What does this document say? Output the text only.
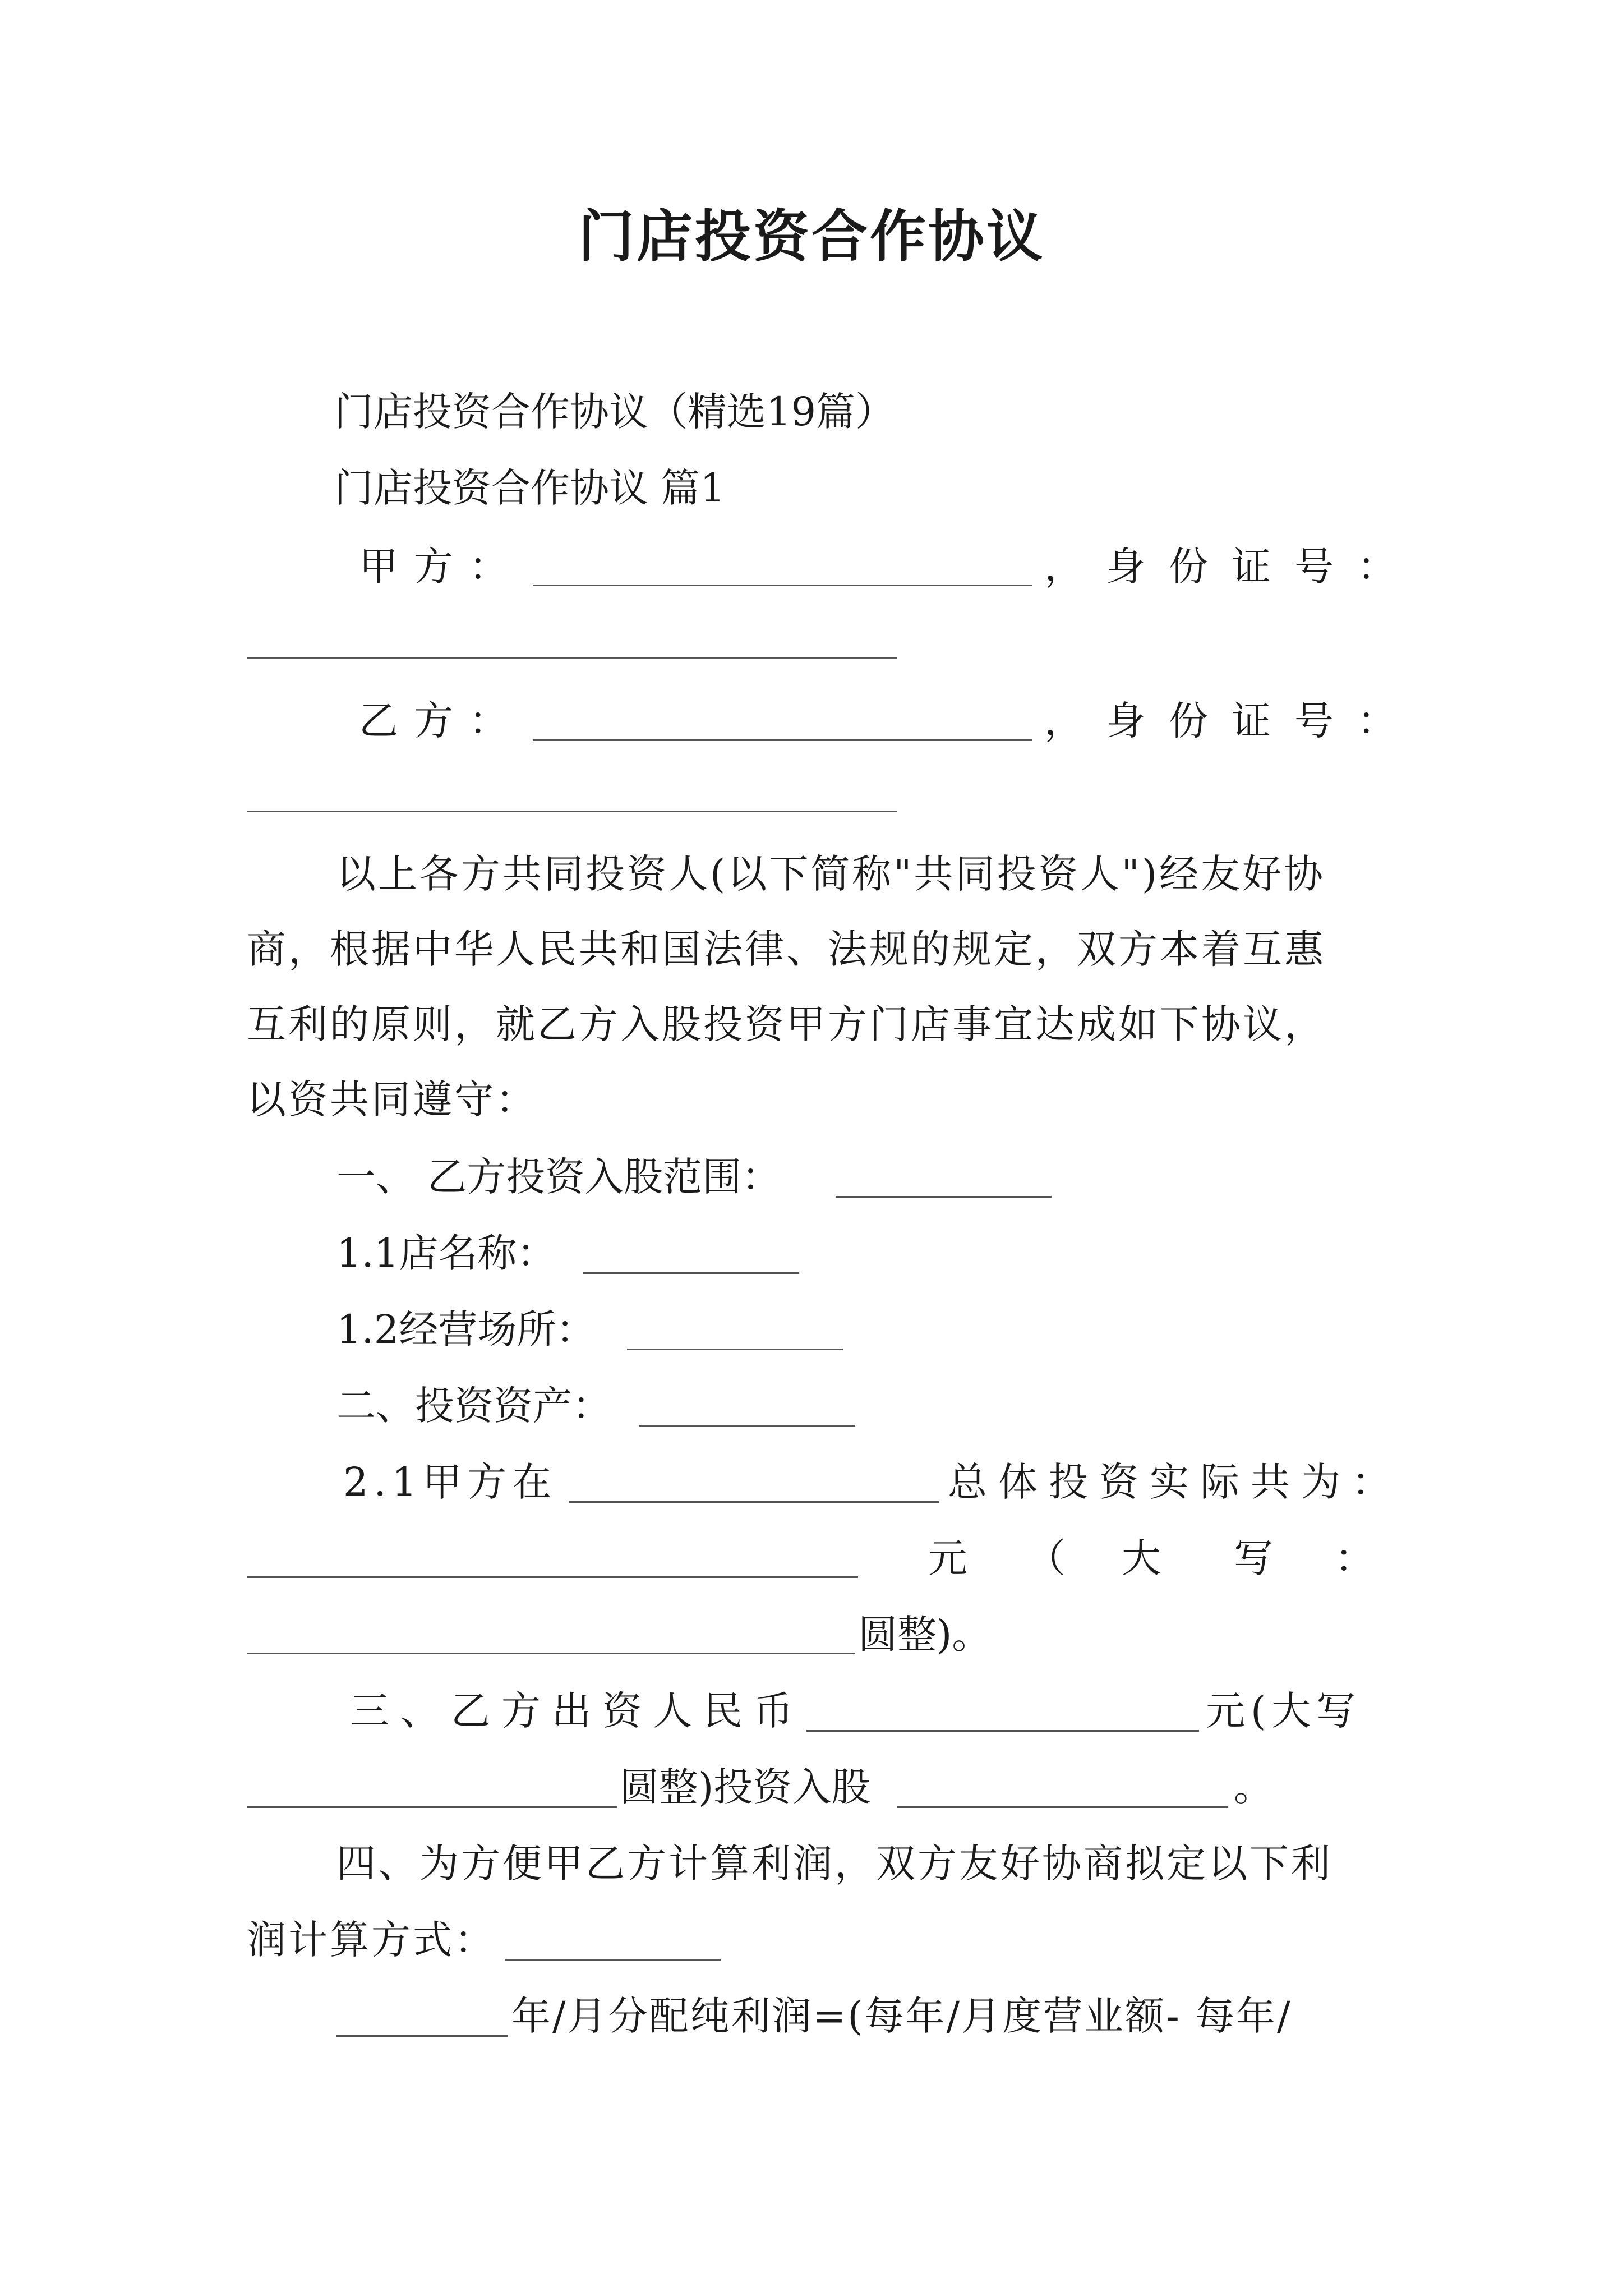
门店投资合作协议
门店投资合作协议（精选19篇）
门店投资合作协议 篇1
甲方：	， 身份证号：
乙方：	， 身份证号：
以上各方共同投资人(以下简称"共同投资人")经友好协
商，根据中华人民共和国法律、法规的规定，双方本着互惠
互利的原则，就乙方入股投资甲方门店事宜达成如下协议，
以资共同遵守：
一、 乙方投资入股范围：
1.1店名称：
1.2经营场所：
二、投资资产：
2.1甲方在	总体投资实际共为：
元 （ 大 写 ：
圆整)。
三、乙方出资人民币	元(大写
圆整)投资入股	。
四、为方便甲乙方计算利润，双方友好协商拟定以下利
润计算方式：
年/月分配纯利润=(每年/月度营业额- 每年/
